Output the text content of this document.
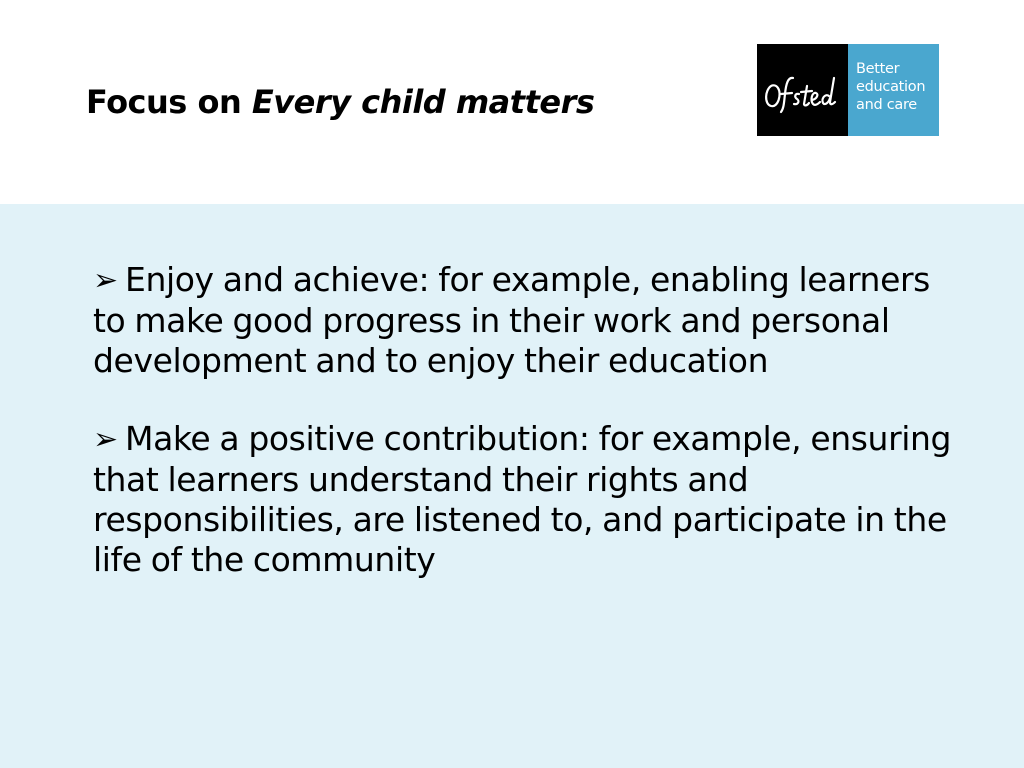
Focus on Every child matters
Better
education
and care
➢ Enjoy and achieve: for example, enabling learners to make good progress in their work and personal development and to enjoy their education
➢ Make a positive contribution: for example, ensuring that learners understand their rights and responsibilities, are listened to, and participate in the life of the community
